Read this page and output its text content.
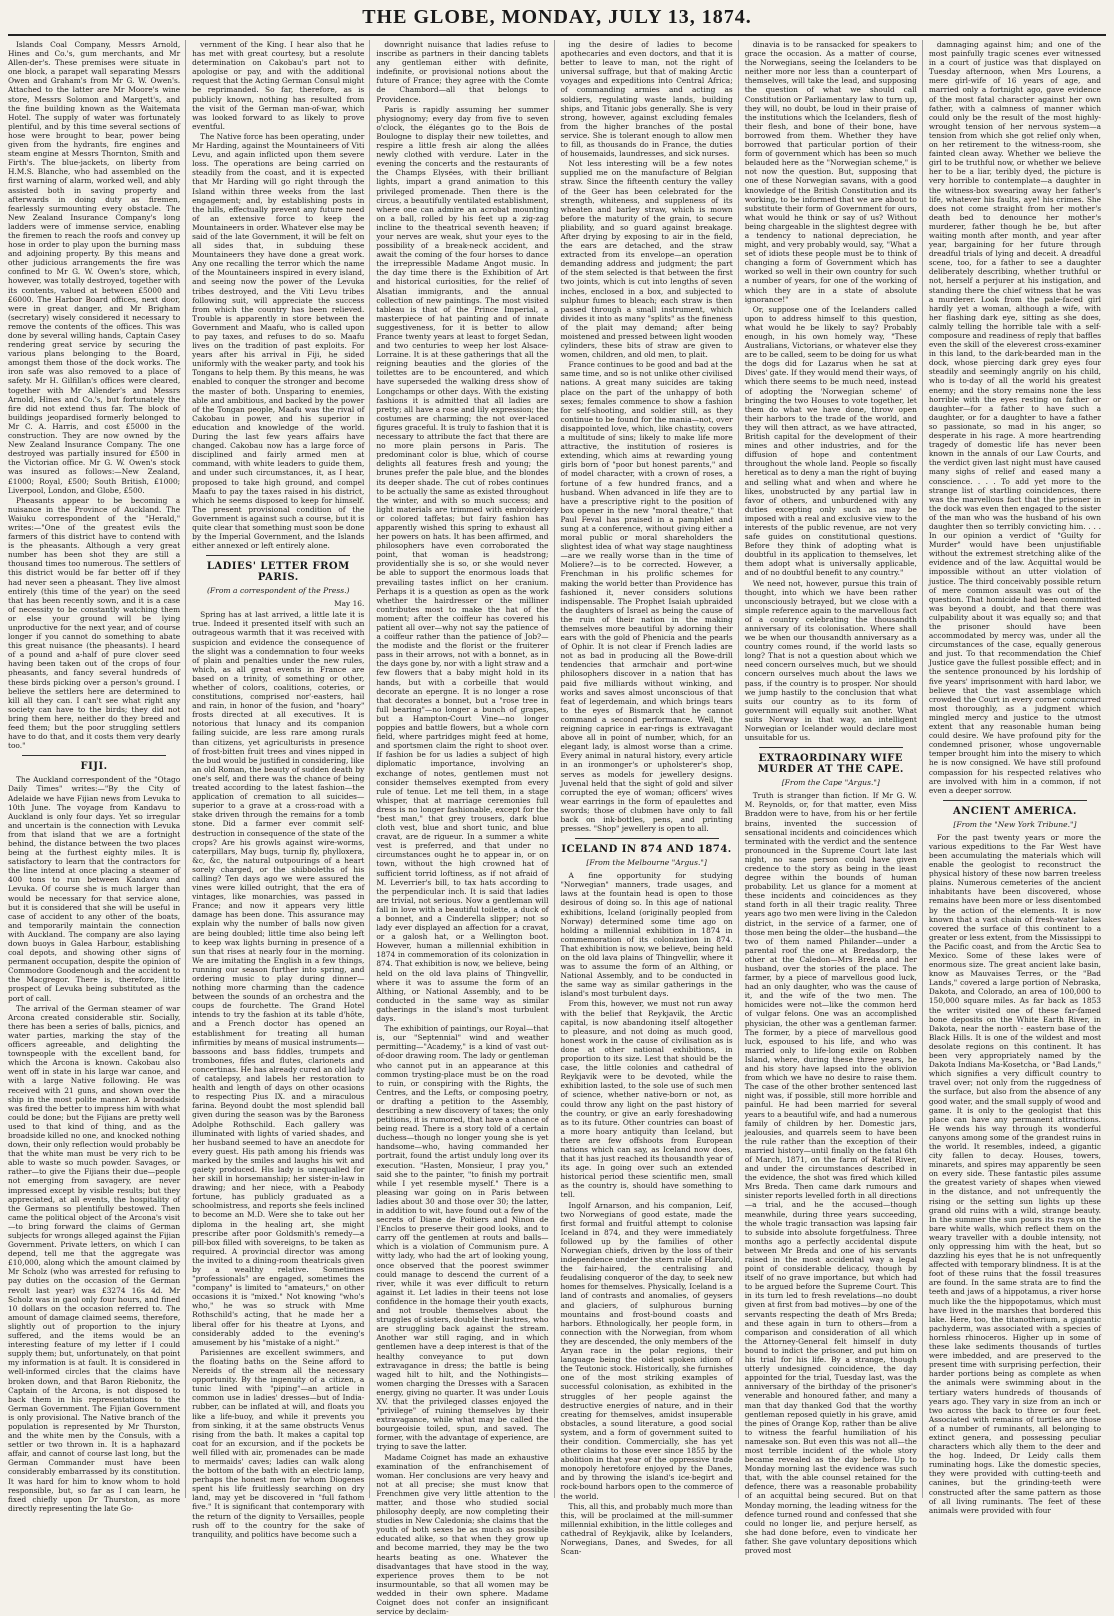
THE GLOBE, MONDAY, JULY 13, 1874.
Islands Coal Company, Messrs Arnold, Hines and Co.'s, gum merchants, and Mr Allen-der's. These premises were situate in one block, a parapet wall separating Messrs Owen and Graham's from Mr G. W. Owen's. Attached to the latter are Mr Moore's wine store, Messrs Solomon and Margett's, and the fine building known as the Waitemata Hotel. The supply of water was fortunately plentiful, and by this time several sections of hose were brought to bear, power being given from the hydrants, fire engines and steam engine at Messrs Thornton, Smith and Firth's. The blue-jackets, on liberty from H.M.S. Blanche, who had assembled on the first warning of alarm, worked well, and ably assisted both in saving property and afterwards in doing duty as firemen, fearlessly surmounting every obstacle. The New Zealand Insurance Company's long ladders were of immense service, enabling the firemen to reach the roofs and convey up hose in order to play upon the burning mass and adjoining property. By this means and other judicious arrangements the fire was confined to Mr G. W. Owen's store, which, however, was totally destroyed, together with its contents, valued at between £5000 and £6000. The Harbor Board offices, next door, were in great danger, and Mr Brigham (secretary) wisely considered it necessary to remove the contents of the offices. This was done by several willing hands, Captain Casey rendering great service by securing the various plans belonging to the Board, amongst them those of the dock works. The iron safe was also removed to a place of safety. Mr H. Gilfillan's offices were cleared, together with Mr Allender's and Messrs Arnold, Hines and Co.'s, but fortunately the fire did not extend thus far. The block of buildings jeopardised formerly belonged to Mr C. A. Harris, and cost £5000 in the construction. They are now owned by the New Zealand Insurance Company. The one destroyed was partially insured for £500 in the Victorian office. Mr G. W. Owen's stock was insured as follows:—New Zealand, £1000; Royal, £500; South British, £1000; Liverpool, London, and Globe, £500.
Pheasants appear to be becoming a nuisance in the Province of Auckland. The Waiuku correspondent of the "Herald," writes:—"One of the greatest evils the farmers of this district have to contend with is the pheasants. Although a very great number has been shot they are still a thousand times too numerous. The settlers of this district would be far better off if they had never seen a pheasant. They live almost entirely (this time of the year) on the seed that has been recently sown, and it is a case of necessity to be constantly watching them or else your ground will be lying unproductive for the next year, and of course longer if you cannot do something to abate this great nuisance (the pheasants). I heard of a pound and a-half of pure clover seed having been taken out of the crops of four pheasants, and fancy several hundreds of these birds picking over a person's ground. I believe the settlers here are determined to kill all they can. I can't see what right any society can have to the birds; they did not bring them here, neither do they breed and feed them; but the poor struggling settlers have to do that, and it costs them very dearly too."
FIJI.
The Auckland correspondent of the "Otago Daily Times" writes:—"By the City of Adelaide we have Fijian news from Levuka to 10th June. The voyage from Kandavu to Auckland is only four days. Yet so irregular and uncertain is the connection with Levuka from that island that we are a fortnight behind, the distance between the two places being at the furthest eighty miles. It is satisfactory to learn that the contractors for the line intend at once placing a steamer of 400 tons to run between Kandavu and Levuka. Of course she is much larger than would be necessary for that service alone, but it is considered that she will be useful in case of accident to any other of the boats, and temporarily maintain the connection with Auckland. The company are also laying down buoys in Galea Harbour, establishing coal depots, and showing other signs of permanent occupation, despite the opinion of Commodore Goodenough and the accident to the Macgregor. There is, therefore, little prospect of Levuka being substituted as the port of call.
The arrival of the German steamer of war Arcona created considerable stir. Socially, there has been a series of balls, picnics, and water parties, marking the stay of the officers agreeable, and delighting the townspeople with the excellent band, for which the Arcona is known. Cakobau also went off in state in his large war canoe, and with a large Native following. He was received with 21 guns, and shown over the ship in the most polite manner. A broadside was fired the better to impress him with what could be done; but the Fijians are pretty well used to that kind of thing, and as the broadside killed no one, and knocked nothing down, their only reflection would probably be that the white man must be very rich to be able to waste so much powder. Savages, or rather—to give the Fijians their due—people not emerging from savagery, are never impressed except by visible results; but they appreciated, at all events, the hospitality of the Germans so plentifully bestowed. Then came the political object of the Arcona's visit—to bring forward the claims of German subjects for wrongs alleged against the Fijian Government. Private letters, on which I can depend, tell me that the aggregate was £10,000, along which the amount claimed by Mr Scholz (who was arrested for refusing to pay duties on the occasion of the German revolt last year) was £3274 16s 4d. Mr Scholz was in gaol only four hours, and fined 10 dollars on the occasion referred to. The amount of damage claimed seems, therefore, slightly out of proportion to the injury suffered, and the items would be an interesting feature of my letter if I could supply them; but, unfortunately, on that point my information is at fault. It is considered in well-informed circles that the claims have broken down, and that Baron Riebonitz, the Captain of the Arcona, is not disposed to back them in his representations to the German Government. The Fijian Government is only provisional. The Native branch of the population is represented by Mr Thurston, and the white men by the Consuls, with a settler or two thrown in. It is a haphazard affair, and cannot of course last long, but the German Commander must have been considerably embarrassed by its constitution. It was hard for him to know whom to hold responsible, but, so far as I can learn, he fixed chiefly upon Dr Thurston, as more directly representing the late Go-
vernment of the King. I hear also that he has met with great courtesy, but a resolute determination on Cakobau's part not to apologise or pay, and with the additional request that the Acting German Consul might be reprimanded. So far, therefore, as is publicly known, nothing has resulted from the visit of the German man-of-war, which was looked forward to as likely to prove eventful.
The Native force has been operating, under Mr Harding, against the Mountaineers of Viti Levu, and again inflicted upon them severe loss. The operations are being carried on steadily from the coast, and it is expected that Mr Harding will go right through the Island within three weeks from the last engagement; and, by establishing posts in the hills, effectually prevent any future need of an extensive force to keep the Mountaineers in order. Whatever else may be said of the late Government, it will be felt on all sides that, in subduing these Mountaineers they have done a great work. Any one recalling the terror which the name of the Mountaineers inspired in every island, and seeing now the power of the Levuka tribes destroyed, and the Viti Levu tribes following suit, will appreciate the success from which the country has been relieved. Trouble is apparently in store between the Government and Maafu, who is called upon to pay taxes, and refuses to do so. Maafu lives on the tradition of past exploits. For years after his arrival in Fiji, he sided uniformly with the weaker party, and took his Tongans to help them. By this means, he was enabled to conquer the stronger and become the master of both. Unsparing to enemies, able and ambitious, and backed by the power of the Tongan people, Maafu was the rival of Cakobau in power, and his superior in education and knowledge of the world. During the last few years affairs have changed. Cakobau now has a large force of disciplined and fairly armed men at command, with white leaders to guide them, and under such circumstances, it, as I hear, proposed to take high ground, and compel Maafu to pay the taxes raised in his district, which he seems disposed to keep for himself. The present provisional condition of the Government is against such a course, but it is quite clear that something must soon be done by the Imperial Government, and the Islands either annexed or left entirely alone.
LADIES' LETTER FROM PARIS.
(From a correspondent of the Press.)
May 16.
Spring has at last arrived, a little late it is true. Indeed it presented itself with such an outrageous warmth that it was received with suspicion and evidence the consequence of the slight was a condemnation to four weeks of plain and penalties under the new rules, which, as all great events in France are based on a trinity, of something or other, whether of colors, coalitions, coteries, or constitutions, comprised nor'-easters, hail and rain, in honor of the fusion, and "hoary" frosts directed at all executives. It is notorious that lunacy and its companion failing suicide, are less rare among rurals than citizens, yet agriculturists in presence of frost-bitten fruit trees and vines nipped in the bud would be justified in considering, like an old Roman, the beauty of sudden death by one's self, and there was the chance of being treated according to the latest fashion—the application of cremation to all suicides—superior to a grave at a cross-road with a stake driven through the remains for a tomb stone. Did a farmer ever commit self-destruction in consequence of the state of the crops? Are his growls against wire-worms, caterpillars, May bugs, turnip fly, phylloxera, &c, &c, the natural outpourings of a heart sorely charged, or the shibboleths of his calling? Ten days ago we were assured the vines were killed outright, that the era of vintages, like monarchies, was passed in France; and now it appears very little damage has been done. This assurance may explain why the number of balls now given are being doubled; little time also being left to keep wax lights burning in presence of a sun that rises at nearly four in the morning. We are imitating the English in a few things, running our season further into spring, and ordering music to play during dinner—nothing more charming than the cadence between the sounds of an orchestra and the coups de fourchette. The Grand Hotel intends to try the fashion at its table d'hôte, and a French doctor has opened an establishment for treating all human infirmities by means of musical instruments—bassoons and bass fiddles, trumpets and trombones, fifes and flutes, clarionets and concertinas. He has already cured an old lady of catalepsy, and labels her restoration to health and length of days on other ocasions to respecting Pius IX. and a miraculous farina. Beyond doubt the most splendid ball given during the season was by the Baroness Adolphe Rothschild. Each gallery was illuminated with lights of varied shades, and her husband seemed to have an anecdote for every guest. His path among his friends was marked by the smiles and laughs his wit and gaiety produced. His lady is unequalled for her skill in horsemanship; her sister-in-law in drawing; and her niece, with a Peabody fortune, has publicly graduated as a schoolmistress, and reports she feels inclined to become an M.D. Were she to take out her diploma in the healing art, she might prescribe after poor Goldsmith's remedy—a pill-box filled with sovereigns, to be taken as required. A provincial director was among the invited to a dining-room theatricals given by a wealthy relative. Sometimes "professionals" are engaged, sometimes the "company" is limited to "amateurs," on other occasions it is "mixed." Not knowing "who's who," he was so struck with Mme Rothschild's acting, that he made her a liberal offer for his theatre at Lyons, and considerably added to the evening's amusement by his "mistake of a night."
Parisiennes are excellent swimmers, and the floating baths on the Seine afford to Nereids of the stream all the necessary opportunity. By the ingenuity of a citizen, a tunic lined with "piping"—an article in common use in ladies' dresses—but of India-rubber, can be inflated at will, and floats you like a life-buoy, and while it prevents you from sinking, it at the same obstructs Venus rising from the bath. It makes a capital top coat for an excursion, and if the pockets be well filled with air, promenades can be made to mermaids' caves; ladies can walk along the bottom of the bath with an electric lamp, perhaps the honest men for whom Diogenes spent his life fruitlessly searching on dry land, may yet be discovered in "full fathom five." It is significant that contemporary with the return of the dignity to Versailles, people rush off to the country for the sake of tranquility, and politics have become such a
downright nuisance that ladies refuse to inscribe as partners in their dancing tablets any gentleman either with definite, indefinite, or provisional notions about the future of France; they agree with the Comte de Chambord—all that belongs to Providence.
Paris is rapidly assuming her summer physiognomy; every day from five to seven o'clock, the élégantes go to the Bois de Boulogne to display their new toilettes, and respire a little fresh air along the allées newly clothed with verdure. Later in the evening the concerts and the restaurants of the Champs Elysées, with their brilliant lights, impart a grand animation to this privileged promenade. Then there is the circus, a beautifully ventilated establishment, where one can admire an acrobat mounting on a ball, rolled by his feet up a zig-zag incline to the theatrical seventh heaven; if your nerves are weak, shut your eyes to the possibility of a break-neck accident, and await the coming of the four horses to dance the irrepressible Madame Angot music. In the day time there is the Exhibition of Art and historical curiosities, for the relief of Alsatian immigrants, and the annual collection of new paintings. The most visited tableau is that of the Prince Imperial, a masterpiece of hat painting and of innate suggestiveness, for it is better to allow France twenty years at least to forget Sedan, and two centuries to weep her lost Alsace-Lorraine. It is at these gatherings that all the reigning beauties and the glories of the toilettes are to be encountered, and which have superseded the walking dress show of Longchamps or other days. With the existing fashions it is admitted that all ladies are pretty; all have a rose and lily expression; the costumes are charming; the not over-laced figures graceful. It is truly to fashion that it is necessary to attribute the fact that there are no more plain persons in Paris. The predominant color is blue, which of course delights all features fresh and young; the brunes prefer the pale blue, and the blondes its deeper shade. The cut of robes continues to be actually the same as existed throughout the winter, and with so much success; and light materials are trimmed with embroidery or colored taffetas; but fairy fashion has apparently wished this spring to exhaust all her powers on hats. It has been affirmed, and philosophers have even corroborated the point, that woman is headstrong; providentially she is so, or she would never be able to support the enormous loads that prevailing tastes inflict on her cranium. Perhaps it is a question as open as the work whether the hairdresser or the milliner contributes most to make the hat of the moment; after the coiffeur has covered his patient all over—why not say the patience of a coiffeur rather than the patience of Job?—the modiste and the florist or the fruiterer pass in their arrows, not with a bonnet, as in the days gone by, nor with a light straw and a few flowers that a baby might hold in its hands, but with a corbeille that would decorate an epergne. It is no longer a rose that decorates a bonnet, but a "rose tree in full bearing"—no longer a bunch of grapes, but a Hampton-Court Vine—no longer poppies and battle flowers, but a whole corn field, where partridges might feed at home, and sportsmen claim the right to shoot over. If fashion be for us ladies a subject of high diplomatic importance, involving an exchange of notes, gentlemen must not consider themselves exempted from every rule of tenue. Let me tell them, in a stage whisper, that at marriage ceremonies full dress is no longer fashionable, except for the "best man," that grey trousers, dark blue cloth vest, blue and short tunic, and blue cravat, are de rigueur. In a summer a white vest is preferred, and that under no circumstances ought he to appear in, or on town, without the high crowned hat of sufficient torrid loftiness, as if not afraid of M. Leverrier's bill, to tax hats according to the perpendicular inch. It is said that ladies are trivial, not serious. Now a gentleman will fall in love with a beautiful toilette, a duck of a bonnet, and a Cinderella slipper; not so lady ever displayed an affection for a cravat, or a galosh hat, or a Wellington boot. However, human a millennial exhibition in 1874 in commemoration of its colonization in 874. That exhibition is now, we believe, being held on the old lava plains of Thingvellir, where it was to assume the form of an Althing, or National Assembly, and to be conducted in the same way as similar gatherings in the island's most turbulent days.
The exhibition of paintings, our Royal—that is, our "Septennial" wind and weather permitting—"Academy," is a kind of vast out-of-door drawing room. The lady or gentleman who cannot put in an appearance at this common trysting-place must be on the road to ruin, or conspiring with the Rights, the Centres, and the Lefts, or composing poetry, or drafting a petition to the Assembly, describing a new discovery of taxes; the only petitions, it is rumored, that have a chance of being read. There is a story told of a certain duchess—though no longer young she is yet handsome—who, having commanded her portrait, found the artist unduly long over its execution. "Hasten, Monsieur, I pray you," said she to the painter, "to finish my portrait while I yet resemble myself." There is a pleasing war going on in Paris between ladies about 30 and those over 30; the latter, in addition to wit, have found out a few of the secrets of Diane de Poitiers and Ninon de l'Enclos to preserve their good looks, and to carry off the gentlemen at routs and balls—which is a violation of Communism pure. A witty lady, who had the art of looking young, once observed that the poorest swimmer could manage to descend the current of a river, while it was ever difficult to return against it. Let ladies in their teens not lose confidence in the homage their youth exacts, and not trouble themselves about the struggles of sisters, double their lustres, who are struggling back against the stream. Another war still raging, and in which gentlemen have a deep interest is that of the healthy conveyance to put down extravagance in dress; the battle is being waged hilt to hilt, and the Nothingists—women charging the Dresses with a Saracen energy, giving no quarter. It was under Louis XV. that the privileged classes enjoyed the "privilege" of ruining themselves by their extravagance, while what may be called the bourgeoisie toiled, spun, and saved. The former, with the advantage of experience, are trying to save the latter.
Madame Coignet has made an exhaustive examination of the enfranchisement of woman. Her conclusions are very heavy and not at all precise; she must know that Frenchmen give very little attention to the matter, and those who studied social philosophy deeply, are now completing their studies in New Caledonia; she claims that the youth of both sexes be as much as possible educated alike, so that when they grow up and become married, they may be the two hearts beating as one. Whatever the disadvantages that have stood in the way, experience proves them to be not insurmountable, so that all women may be wedded in their own sphere. Madame Coignet does not confer an insignificant service by declaim-
ing the desire of ladies to become apothecaries and even doctors, and that it is better to leave to man, not the right of universal suffrage, but that of making Arctic voyages and expeditions into Central Africa; of commanding armies and acting as soldiers, regulating waste lands, building ships, and Titanic jobs generally. She is very strong, however, against excluding females from the higher branches of the postal service. She is tolerant enough to allow men to fill, as thousands do in France, the duties of housemaids, laundresses, and sick nurses.
Not less interesting will be a few notes supplied me on the manufacture of Belgian straw. Since the fifteenth century the valley of the Geer has been celebrated for the strength, whiteness, and suppleness of its wheaten and barley straw, which is mown before the maturity of the grain, to secure pliability, and so guard against breakage. After drying by exposing to air in the field, the ears are detached, and the straw extracted from its envelope—an operation demanding address and judgment; the part of the stem selected is that between the first two joints, which is cut into lengths of seven inches, enclosed in a box, and subjected to sulphur fumes to bleach; each straw is then passed through a small instrument, which divides it into as many "splits" as the fineness of the plait may demand; after being moistened and pressed between light wooden cylinders, these bits of straw are given to women, children, and old men, to plait.
France continues to be good and bad at the same time, and so is not unlike other civilised nations. A great many suicides are taking place on the part of the unhappy of both sexes; females commence to show a fashion for self-shooting, and soldier still, as they continue to be found for the mania—not, over disappointed love, which, like chastity, covers a multitude of sins; likely to make life more attractive, the institution of rosieres is extending, which aims at rewarding young girls born of "poor but honest parents," and of model character, with a crown of roses, a fortune of a few hundred francs, and a husband. When advanced in life they are to have a prescriptive right to the position of box opener in the new "moral theatre," that Paul Feval has praised in a pamphlet and sung at a conference, without giving either a moral public or moral shareholders the slightest idea of what way stage naughtiness—are we really worse than in the time of Moliere?—is to be corrected. However, a Frenchman in his prolific schemes for making the world better than Providence has fashioned it, never considers solutions indispensable. The Prophet Isaiah upbraided the daughters of Israel as being the cause of the ruin of their nation in the making themselves more beautiful by adorning their ears with the gold of Phenicia and the pearls of Ophir. It is not clear if French ladies are not as bad in producing all the Bowe-drill tendencies that armchair and port-wine philosophers discover in a nation that has paid five milliards without winking, and works and saves almost unconscious of that feat of legerdemain, and which brings tears to the eyes of Bismarck that he cannot command a second performance. Well, the reigning caprice in ear-rings is extravagant above all in point of number, which, for an elegant lady, is almost worse than a crime. Every animal in natural history, every article in an ironmonger's or upholsterer's shop, serves as models for jewellery designs. Juvenal held that the sight of gold and silver corrupted the eye of woman; officers' wives wear earrings in the form of epaulettes and swords; those of clubmen have only to fall back on ink-bottles, pens, and printing presses. "Shop" jewellery is open to all.
ICELAND IN 874 AND 1874.
[From the Melbourne "Argus."]
A fine opportunity for studying "Norwegian" manners, trade usages, and laws at the fountain head is open to those desirous of doing so. In this age of national exhibitions, Iceland (originally peopled from Norway) determined some time ago on holding a millennial exhibition in 1874 in commemoration of its colonization in 874. That exhibition is now, we believe, being held on the old lava plains of Thingvellir, where it was to assume the form of an Althing, or National Assembly, and to be conducted in the same way as similar gatherings in the island's most turbulent days.
From this, however, we must not run away with the belief that Reykjavik, the Arctic capital, is now abandoning itself altogether to pleasure, and not doing as much good, honest work in the cause of civilisation as is done at other national exhibitions, in proportion to its size. Lest that should be the case, the little colonies and cathedral of Reykjavik were to be devoted, while the exhibition lasted, to the sole use of such men of science, whether native-born or not, as could throw any light on the past history of the country, or give an early foreshadowing as to its future. Other countries can boast of a more hoary antiquity than Iceland, but there are few offshoots from European nations which can say, as Iceland now does, that it has just reached its thousandth year of its age. In going over such an extended historical period these scientific men, small as the country is, should have something to tell.
Ingolf Arnarson, and his companion, Leif, two Norwegians of good estate, made the first formal and fruitful attempt to colonise Iceland in 874, and they were immediately followed up by the families of other Norwegian chiefs, driven by the loss of their independence under the stern rule of Harold, the fair-haired, the centralising and feudalising conqueror of the day, to seek new homes for themselves. Physically, Iceland is a land of contrasts and anomalies, of geysers and glaciers, of sulphurous burning mountains and frost-bound coasts and harbors. Ethnologically, her people form, in connection with the Norwegian, from whom they are descended, the only members of the Aryan race in the polar regions, their language being the oldest spoken idiom of the Teutonic stock. Historically, she furnishes one of the most striking examples of successful colonisation, as exhibited in the struggles of her people against the destructive energies of nature, and in their creating for themselves, amidst insuperable obstacles, a sound literature, a good social system, and a form of government suited to their condition. Commercially, she has yet other claims to those ever since 1855 by the abolition in that year of the oppressive trade monopoly heretofore enjoyed by the Danes, and by throwing the island's ice-begirt and rock-bound harbors open to the commerce of the world.
This, all this, and probably much more than this, will be proclaimed at the mill-summer millennial exhibition, in the little colleges and cathedral of Reykjavik, alike by Icelanders, Norwegians, Danes, and Swedes, for all Scan-
dinavia is to be ransacked for speakers to grace the occasion. As a matter of course, the Norwegians, seeing the Icelanders to be neither more nor less than a counterpart of themselves, will take the lead, and supposing the question of what we should call Constitution or Parliamentary law to turn up, they will, no doubt, be loud in their praise of the institutions which the Icelanders, flesh of their flesh, and bone of their bone, have borrowed from them. Whether they have borrowed that particular portion of their form of government which has been so much belauded here as the "Norwegian scheme," is not now the question. But, supposing that one of these Norwegian savans, with a good knowledge of the British Constitution and its working, to be informed that we are about to substitute their form of Government for ours, what would he think or say of us? Without being chargeable in the slightest degree with a tendency to national depreciation, he might, and very probably would, say, "What a set of idiots these people must be to think of changing a form of Government which has worked so well in their own country for such a number of years, for one of the working of which they are in a state of absolute ignorance!"
Or, suppose one of the Icelanders called upon to address himself to this question, what would he be likely to say? Probably enough, in his own homely way, "These Australians, Victorians, or whatever else they are to be called, seem to be doing for us what the dogs did for Lazarus when he sat at Dives' gate. If they would mend their ways, of which there seems to be much need, instead of adopting the 'Norwegian scheme' of bringing the two Houses to vote together, let them do what we have done, throw open their harbors to the trade of the world, and they will then attract, as we have attracted, British capital for the development of their mines and other industries, and for the diffusion of hope and contentment throughout the whole land. People so fiscally heretical as to deny a man the right of buying and selling what and when and where he likes, unobstructed by any partial law in favor of others, and unburdened with any duties excepting only such as may be imposed with a real and exclusive view to the interests of the public revenue, are not very safe guides on constitutional questions. Before they think of adopting what is doubtful in its application to themselves, let them adopt what is universally applicable, and of no doubtful benefit to any country."
We need not, however, pursue this train of thought, into which we have been rather unconsciously betrayed, but we close with a simple reference again to the marvellous fact of a country celebrating the thousandth anniversary of its colonisation. Where shall we be when our thousandth anniversary as a country comes round, if the world lasts so long? That is not a question about which we need concern ourselves much, but we should concern ourselves much about the laws we pass, if the country is to prosper. Nor should we jump hastily to the conclusion that what suits our country as to its form of government will equally suit another. What suits Norway in that way, an intelligent Norwegian or Icelander would declare most unsuitable for us.
EXTRAORDINARY WIFE MURDER AT THE CAPE.
[From the Cape "Argus."]
Truth is stranger than fiction. If Mr G. W. M. Reynolds, or, for that matter, even Miss Braddon were to have, from his or her fertile brains, invented the succession of sensational incidents and coincidences which terminated with the verdict and the sentence pronounced in the Supreme Court late last night, no sane person could have given credence to the story as being in the least degree within the bounds of human probability. Let us glance for a moment at these incidents and coincidences as they stand forth in all their tragic reality. Three years ago two men were living in the Caledon district, in the service of a farmer, one of those men being the older—the husband—the two of them named Philander—under a parental roof the one at Bredasdorp, the other at the Caledon—Mrs Breda and her husband, over the stories of the place. The farmer, by a piece of marvellous good luck, had an only daughter, who was the cause of it, and the wife of the two men. The homicides were not—like the common herd of vulgar felons. One was an accomplished physician, the other was a gentleman farmer. The former, by a piece of marvellous good luck, espoused to his life, and who was married only to life-long exile on Robben Island, where, during these three years, he and his story have lapsed into the oblivion from which we have no desire to raise them. The case of the other brother sentenced last night was, if possible, still more horrible and painful. He had been married for several years to a beautiful wife, and had a numerous family of children by her. Domestic jars, jealousies, and quarrels seem to have been the rule rather than the exception of their married history—until finally on the fatal 6th of March, 1871, on the farm of Ratel River, and under the circumstances described in the evidence, the shot was fired which killed Mrs Breda. Then came dark rumours and sinister reports levelled forth in all directions—a trial, and he the accused—though meanwhile, during three years succeeding, the whole tragic transaction was lapsing fair to subside into absolute forgetfulness. Three months ago a perfectly accidental dispute between Mr Breda and one of his servants raised in the most accidental way a legal point of considerable delicacy, though by itself of no grave importance, but which had to be argued before the Supreme Court. This in its turn led to fresh revelations—no doubt given at first from bad motives—by one of the servants respecting the death of Mrs Breda; and these again in turn to others—from a comparison and consideration of all which the Attorney-General felt himself in duty bound to indict the prisoner, and put him on his trial for his life. By a strange, though utterly undesigned coincidence, the day appointed for the trial, Tuesday last, was the anniversary of the birthday of the prisoner's venerable and honoured father, and many a man that day thanked God that the worthy gentleman reposed quietly in his grave, amid the pines of Orange Kop, rather than be alive to witness the fearful humiliation of his namesake son. But even this was not all—the most terrible incident of the whole story became revealed as the day before. Up to Monday morning last the evidence was such that, with the able counsel retained for the defence, there was a reasonable probability of an acquittal being secured. But on that Monday morning, the leading witness for the defence turned round and confessed that she could no longer lie, and perjure herself, as she had done before, even to vindicate her father. She gave voluntary depositions which proved most
damnaging against him; and one of the most painfully tragic scenes ever witnessed in a court of justice was that displayed on Tuesday afternoon, when Mrs Lourens, a mere girl-wife of 16 years of age, and married only a fortnight ago, gave evidence of the most fatal character against her own father, with a calmness of manner which could only be the result of the most highly-wrought tension of her nervous system—a tension from which she got relief only when, on her retirement to the witness-room, she fainted clean away. Whether we believe the girl to be truthful now, or whether we believe her to be a liar, teribly dyed, the picture is very horrible to contemplate—a daughter in the witness-box swearing away her father's life, whatever his faults, aye! his crimes. She does not come straight from her mother's death bed to denounce her mother's murderer, father though he be, but after waiting month after month, and year after year, bargaining for her future through dreadful trials of lying and deceit. A dreadful scene, too, for a father to see a daughter deliberately describing, whether truthful or not, herself a perjurer at his instigation, and standing there the chief witness that he was a murderer. Look from the pale-faced girl hardly yet a woman, although a wife, with her flashing dark eye, sitting as she does, calmly telling the horrible tale with a self-composure and readiness of reply that baffles even the skill of the eleverest cross-examiner in this land, to the dark-bearded man in the dock, whose piercing dark grey eyes four steadily and seemingly angrily on his child, who is to-day of all the world his greatest enemy; and the story remains none the less horrible with the eyes resting on father or daughter—for a father to have such a daughter, or for a daughter to have a father so passionate, so mad in his anger, so desperate in his rage. A more heartrending tragedy of domestic life has never been known in the annals of our Law Courts, and the verdict given last night must have caused many sighs of relief and eased many a conscience. . . . To add yet more to the strange list of startling coincidences, there was the marvellous fact that the prisoner in the dock was even then engaged to the sister of the man who was the husband of his own daughter then so terribly convicting him. . . . In our opinion a verdict of "Guilty for Murder" would have been unjustifiable without the extremest stretching alike of the evidence and of the law. Acquittal would be impossible without an utter violation of justice. The third conceivably possible return of mere common assault was out of the question. That homicide had been committed was beyond a doubt, and that there was culpability about it was equally so; and that the prisoner should have been accommodated by mercy was, under all the circumstances of the case, equally generous and just. To that recommendation the Chief Justice gave the fullest possible effect; and in the sentence pronounced by his lordship of five years' imprisonment with hard labor, we believe that the vast assemblage which crowded the Court in every corner concurred most thoroughly, as a judgment which mingled mercy and justice to the utmost extent that any reasonable human being could desire. We have profound pity for the condemned prisoner, whose ungovernable temper brought him into the misery to which he is now consigned. We have still profound compassion for his respected relatives who are involved with him in a common, if not even a deeper sorrow.
ANCIENT AMERICA.
[From the "New York Tribune."]
For the past twenty years or more the various expeditions to the Far West have been accumulating the materials which will enable the geologist to reconstruct the physical history of these now barren treeless plains. Numerous cemeteries of the ancient inhabitants have been discovered, whose remains have been more or less disentombed by the action of the elements. It is now known that a vast chain of fresh-water lakes covered the surface of this continent to a greater or less extent, from the Mississippi to the Pacific coast, and from the Arctic Sea to Mexico. Some of these lakes were of enormous size. The great ancient lake basin, know as Mauvaises Terres, or the "Bad Lands," covered a large portion of Nebraska, Dakota, and Colorado, an area of 100,000 to 150,000 square miles. As far back as 1853 the writer visited one of these far-famed bone deposits on the White Earth River, in Dakota, near the north - eastern base of the Black Hills. It is one of the wildest and most desolate regions on this continent. It has been very appropriately named by the Dakota Indians Ma-Kosetcha, or "Bad Lands," which signifies a very difficult country to travel over; not only from the ruggedness of the surface, but also from the absence of any good water, and the small supply of wood and game. It is only to the geologist that this place can have any permanent attractions. He wends his way through its wonderful canyons among some of the grandest ruins in the world. It resembles, indeed, a gigantic city fallen to decay. Houses, towers, minarets, and spires may apparently be seen on every side. These fantastic piles assume the greatest variety of shapes when viewed in the distance, and not unfrequently the rising or the setting sun lights up these grand old ruins with a wild, strange beauty. In the summer the sun pours its rays on the bare white walls, which reflect them on the weary traveller with a double intensity, not only oppressing him with the heat, but so dazzling his eyes that he is not unfrequently affected with temporary blindness. It is at the foot of these ruins that the fossil treasures are found. In the same strata are to find the teeth and jaws of a hippotamus, a river horse much like the the hippopotamus, which must have lived in the marshes that bordered this lake. Here, too, the titanotherium, a gigantic pachyderm, was associated with a species of hornless rhinoceros. Higher up in some of these lake sediments thousands of turtles were imbedded, and are preserved to the present time with surprising perfection, their harder portions being as complete as when the animals were swimming about in the tertiary waters hundreds of thousands of years ago. They vary in size from an inch or two across the back to three or four feet. Associated with remains of turtles are those of a number of ruminants, all belonging to extinct genera, and possessing peculiar characters which ally them to the deer and the hog. Indeed, Dr Leidy calls them ruminating hogs. Like the domestic species, they were provided with cutting-teeth and canines, but the grinding-teeth were constructed after the same pattern as those of all living ruminants. The feet of these animals were provided with four
